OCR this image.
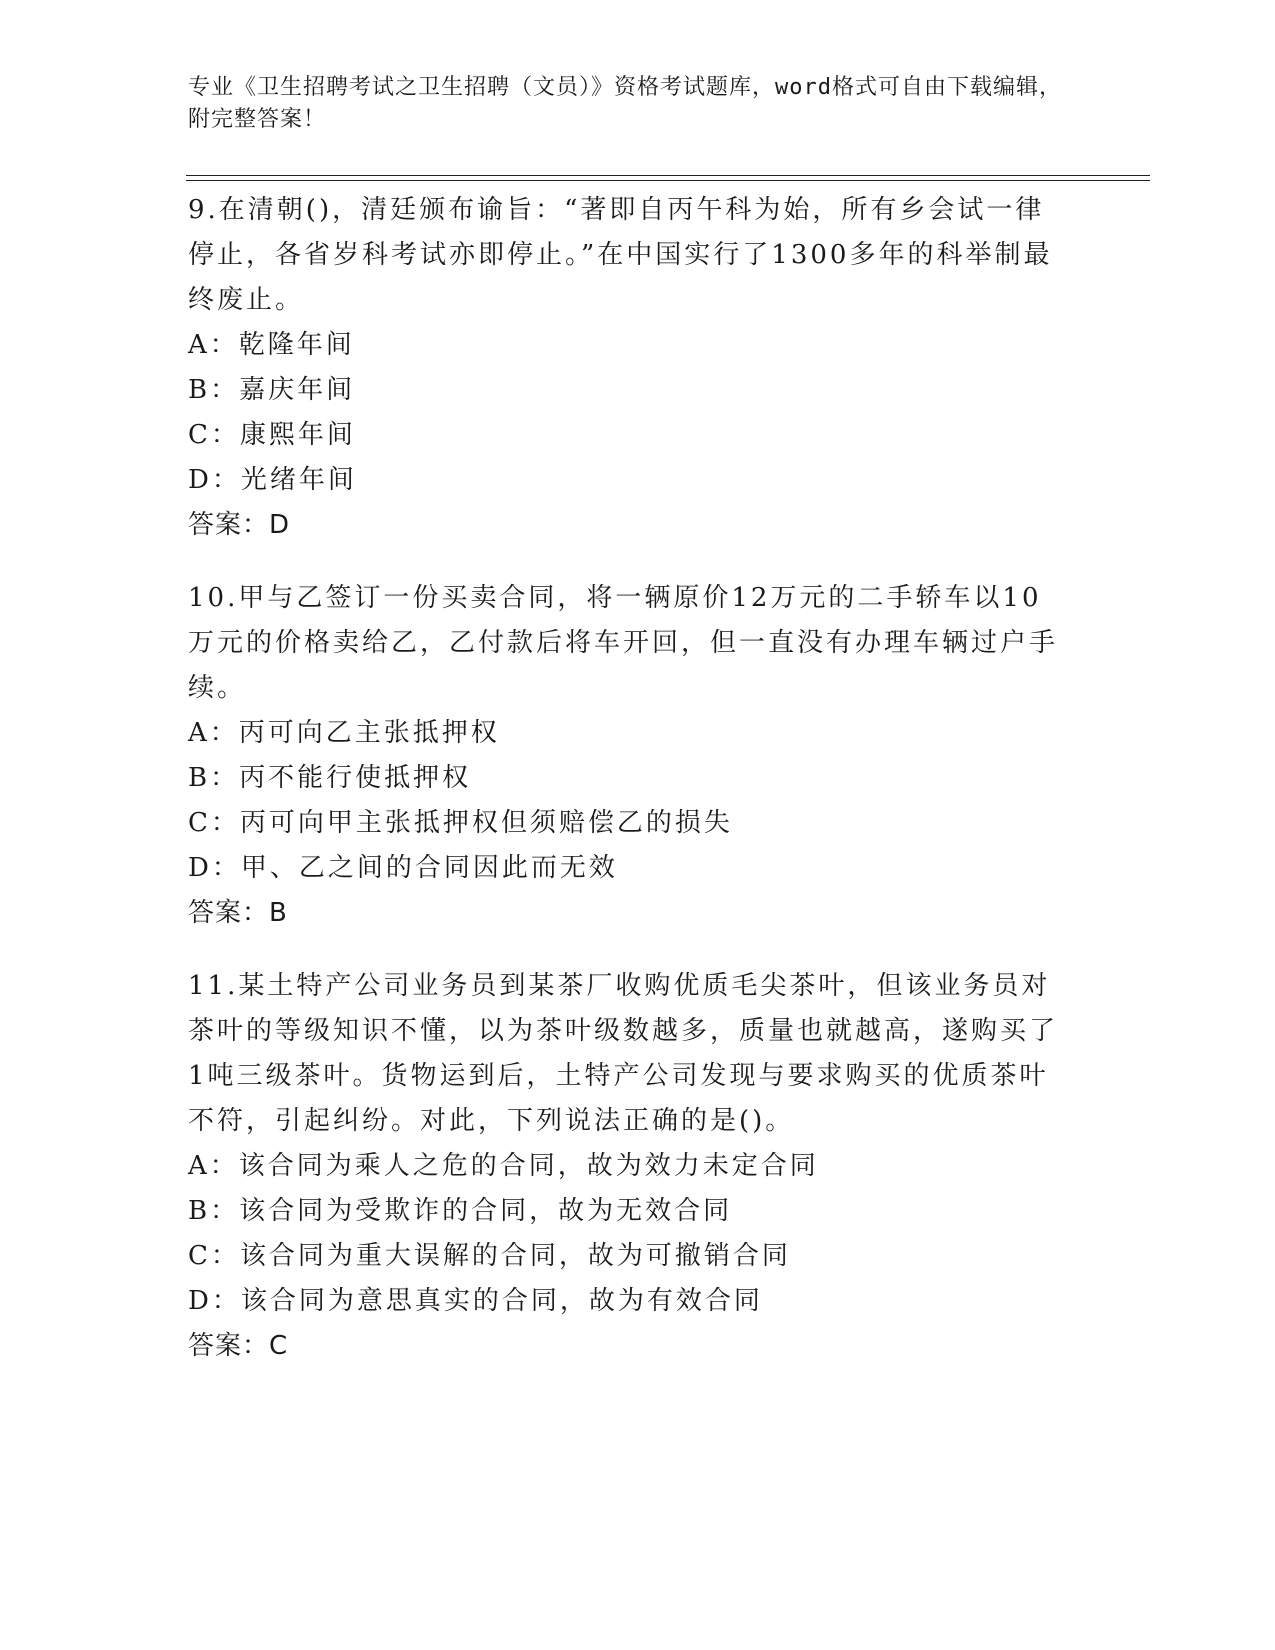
专业《卫生招聘考试之卫生招聘（文员）》资格考试题库，word格式可自由下载编辑，附完整答案！

9.在清朝()，清廷颁布谕旨：“著即自丙午科为始，所有乡会试一律停止，各省岁科考试亦即停止。”在中国实行了1300多年的科举制最终废止。

A：乾隆年间

B：嘉庆年间

C：康熙年间

D：光绪年间

答案：D

10.甲与乙签订一份买卖合同，将一辆原价12万元的二手轿车以10万元的价格卖给乙，乙付款后将车开回，但一直没有办理车辆过户手续。

A：丙可向乙主张抵押权

B：丙不能行使抵押权

C：丙可向甲主张抵押权但须赔偿乙的损失

D：甲、乙之间的合同因此而无效

答案：B

11.某土特产公司业务员到某茶厂收购优质毛尖茶叶，但该业务员对茶叶的等级知识不懂，以为茶叶级数越多，质量也就越高，遂购买了1吨三级茶叶。货物运到后，土特产公司发现与要求购买的优质茶叶不符，引起纠纷。对此，下列说法正确的是()。

A：该合同为乘人之危的合同，故为效力未定合同

B：该合同为受欺诈的合同，故为无效合同

C：该合同为重大误解的合同，故为可撤销合同

D：该合同为意思真实的合同，故为有效合同

答案：C
